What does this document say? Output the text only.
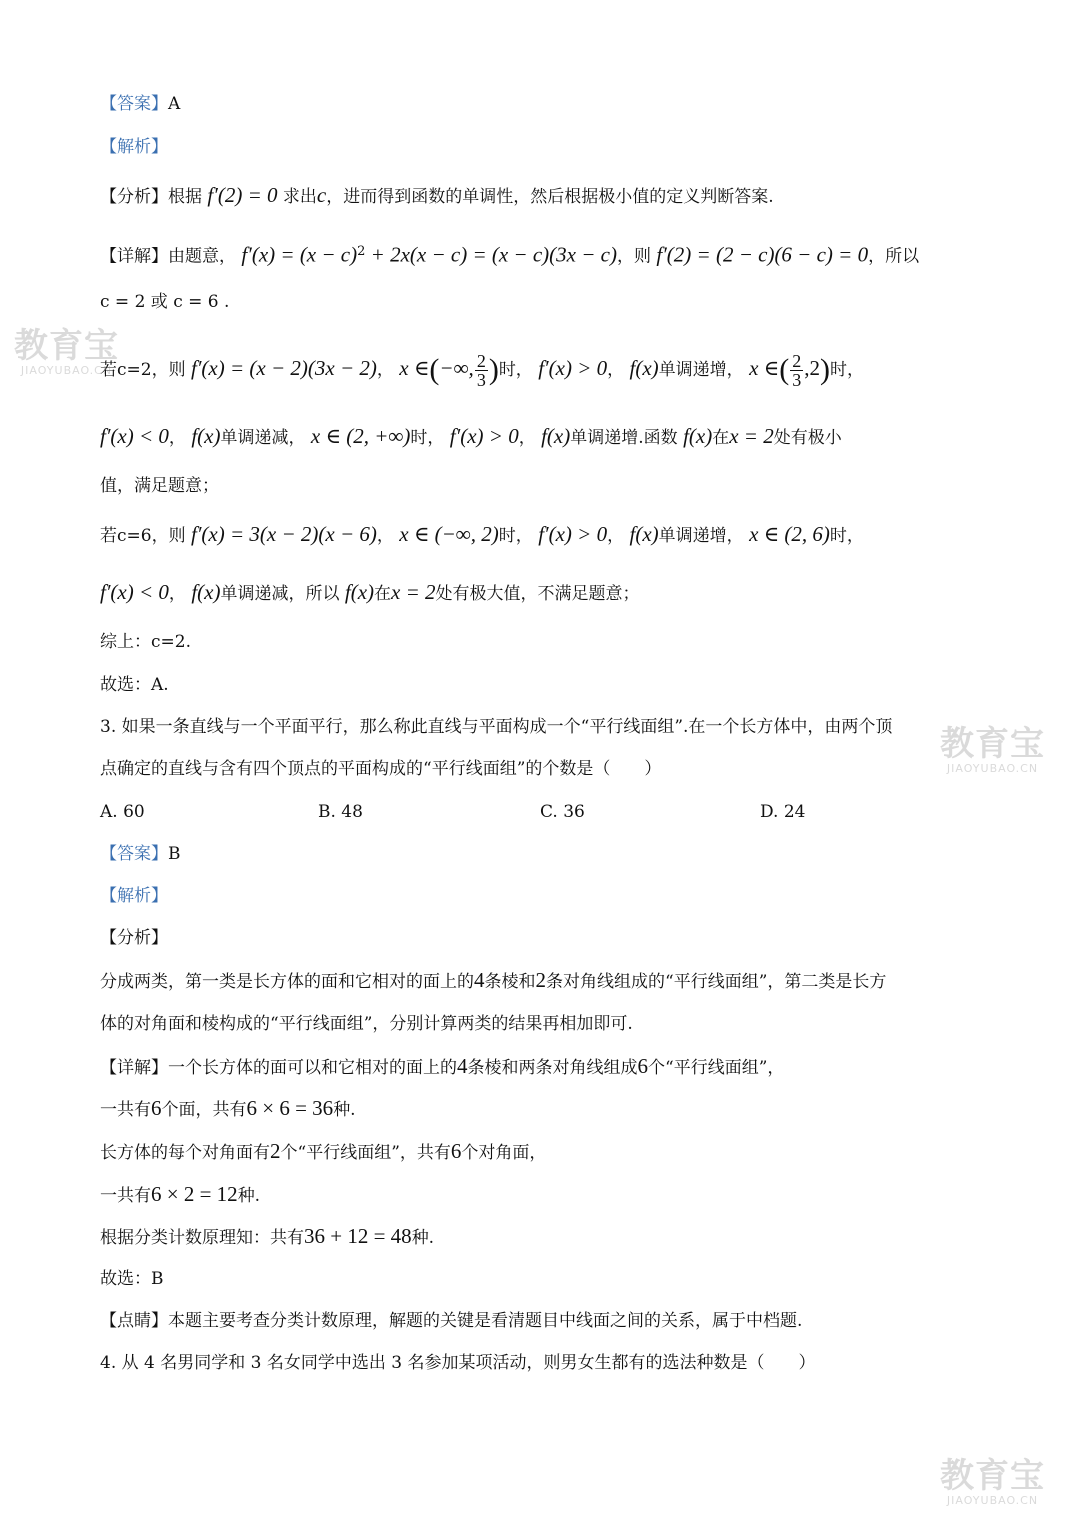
【答案】A
【解析】
【分析】根据 f′(2) = 0 求出c，进而得到函数的单调性，然后根据极小值的定义判断答案.
【详解】由题意， $f'(x) = (x - c)^2 + 2x(x - c) = (x - c)(3x - c)$，则 f′(2) = (2 − c)(6 − c) = 0，所以
c = 2 或 c = 6 .
若c=2，则 f′(x) = (x − 2)(3x − 2)， x ∈(−∞, $\frac{2}{3}$ )时， f′(x) > 0， f(x)单调递增， x ∈( $\frac{2}{3} ,2$)时，
f′(x) < 0， f(x)单调递减， x ∈ (2, +∞)时， f′(x) > 0， f(x)单调递增.函数 f(x)在x = 2处有极小
值，满足题意；
若c=6，则 f′(x) = 3(x − 2)(x − 6)， x ∈ (−∞, 2)时， f′(x) > 0， f(x)单调递增， x ∈ (2, 6)时，
f′(x) < 0， f(x)单调递减，所以 f(x)在x = 2处有极大值，不满足题意；
综上：c=2.
故选：A.
3. 如果一条直线与一个平面平行，那么称此直线与平面构成一个“平行线面组”.在一个长方体中，由两个顶
点确定的直线与含有四个顶点的平面构成的“平行线面组”的个数是（　　）
A. 60	B. 48	C. 36	D. 24
【答案】B
【解析】
【分析】
分成两类，第一类是长方体的面和它相对的面上的4条棱和2条对角线组成的“平行线面组”，第二类是长方
体的对角面和棱构成的“平行线面组”，分别计算两类的结果再相加即可.
【详解】一个长方体的面可以和它相对的面上的4条棱和两条对角线组成6个“平行线面组”，
一共有6个面，共有6 × 6 = 36种.
长方体的每个对角面有2个“平行线面组”，共有6个对角面，
一共有6 × 2 = 12种.
根据分类计数原理知：共有36 + 12 = 48种.
故选：B
【点睛】本题主要考查分类计数原理，解题的关键是看清题目中线面之间的关系，属于中档题.
4. 从 4 名男同学和 3 名女同学中选出 3 名参加某项活动，则男女生都有的选法种数是（　　）
教育宝
JIAOYUBAO.CN
教育宝
JIAOYUBAO.CN
教育宝
JIAOYUBAO.CN
